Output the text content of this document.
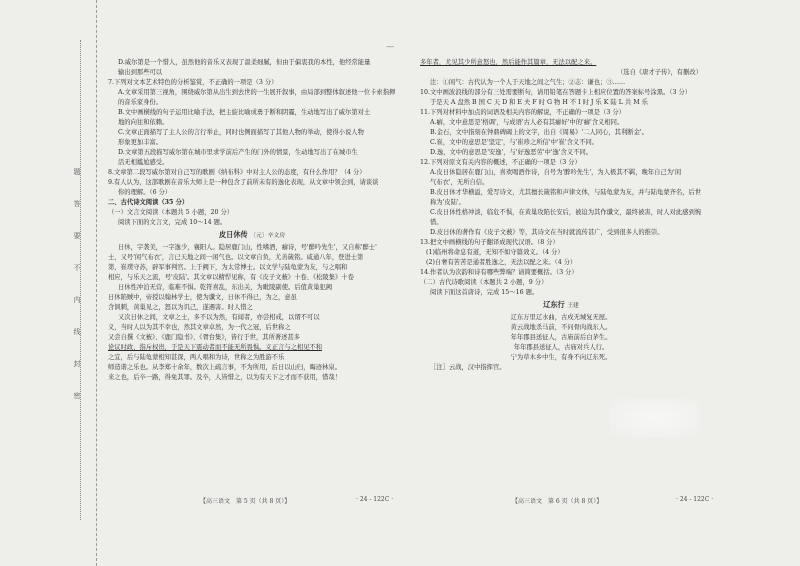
题
答
要
不
内
线
封
密
—
D.威尔第是一个惜人，虽然他的音乐又表现了温柔细腻，但由于偏衷我的本性，他经常能量
输出到那些可以
7.下列对文本艺术特色的分析鉴赏，不正确的一项是（3 分）
A.文章采用第三视角，围绕威尔第从出生到去世的一生展开叙事，由局部到整体叙述他一位卡索指揮
的音乐家身份。
B.文中画横线的句子运用比喻手法，把主旋比喻成勇于断和阴霾，生动地写出了威尔第对土
地的向往和依赖。
C.文章正面描写了主人公的言行举止，同时也侧面描写了其他人物的举动，使得小说人物
形象更加丰富。
D.文章第五段描写威尔第在城市里求学前后产生的门外的情景，生动地写出了在城市生
活无相尴尬感受。
8.文章第二段写威尔第对自己写的歌剧《纳布科》中对主人公的态度，有什么作用？（4 分）
9.有人认为，这部歌剧在音乐大师上是一种包含了前所未有的逸化表现，从文章中领会到，请谈谈
你的理解。（6 分）
二、古代诗文阅读（35 分）
（一）文言文阅读（本题共 5 小题，20 分）
阅读下面的文言文，完成 10～14 题。
皮日休传 〔元〕辛文房
日休，字袭美，一字逸少，襄阳人。隐居鹿门山，性嗜酒，癖诗，号'醉吟先生'，又自称'醉士'
士，又号'闲气布衣'，言已天地之间一闲气也。以文章自负，尤善箴铭。咸通八年，登进士第
第，崔璞守苏，辟军事判官。上于阙下，为太常博士。以文学与陆龟蒙为友，与之唱和
相应，与乐天之流，号'皮陆'。其文章以精悍见称，有《皮子文薮》十卷、《松陵集》十卷
日休性冲泊无营，临难不惧。乾符喜乱，东出关，为毗陵副使。后值黄巢犯阙
日休陷贼中，帝授以翰林学士，使为谶文，日休不得已，为之，意虽
含讽刺，黄巢见之，怒以为讥己，遂遇害。时人惜之
又次日休之间，文章之士，多不以为然，有闻者，亦尝相戒，以谓不可以
义，当时人以为其不幸也，然其文章卓然，为一代之冠，后世称之
又尝自撰《文薮》、《鹿门隐书》、《胥台集》，皆行于世，其所著述甚多
论议时政，指斥权贵，于是天下震动者而不能无所畏惧。义正言与之相见不和
之宜，后与陆龟蒙相知甚深，两人唱和为诗，世称之为胜游不乐
师造谐之乐也。从李郑十余年，数次上疏言事，不为所用，后日以山归，晦迹林泉。
来之也，后卒一路，得免其罪。及卒，人皆惜之，以为有天下之才而不获用，惜哉！
【高三语文　第 5 页（共 8 页）】	· 24 - 122C ·
多年者，尤见其少所意怒也，然后能作其篇章，无法以配之来。
（选自《唐才子传》，有删改）
注：①闲气：古代认为一个人于天地之间之气生；②志：谦也；③……
10.文中画波浪线的部分有三处需要断句，请用铅笔在答题卡上相应位置的答案标号涂黑。（3 分）
于是天 A 盘然 B 国 C 天 D 和 E 夫 F 时 G 物 H 不 I 时 J 乐 K 陆 L 共 M 乐
11.下列对材料中加点的词语及相关内容的解说，不正确的一项是（3 分）
A.癖，文中意思是'格调'，与成语'古人必有其癖好'中的'癖'含义相同。
B.金石，文中指刻在钟鼎碑碣上的文字，出自《周易》'二人同心，其利断金'。
C.崔，文中的意思是'坚定'，与'崔珍之所信'中'崔'含义不同。
D.逸，文中的意思是'安逸'，与'好逸恶劳'中'逸'含义不同。
12.下列对原文有关内容的概述，不正确的一项是（3 分）
A.皮日休隐居在鹿门山，喜欢喝酒作诗，自号为'醉吟先生'，为人极其不羁，晚年自己为'闲
气布衣'，无所自信。
B.皮日休才华横溢，爱写诗文，尤其擅长箴铭和声律文体，与陆龟蒙为友，并与陆龟蒙齐名，后世称为'皮陆'。
C.皮日休性格冲淡，临危不惧，在黄巢攻陷长安后，被迫为其作谶文，最终被害，时人对此感到惋惜。
D.皮日休的著作有《皮子文薮》等，其诗文在当时就流传甚广，受到很多人的推崇。
13.把文中画横线的句子翻译成现代汉语。（8 分）
(1)临州将命息有道，无知不如守篇效义。（4 分）
(2)自奢有苦苦是通者胜逸之，无法以配之来。（4 分）
14.作者认为次韵和诗有哪些弊端？请简要概括。（3 分）
（二）古代诗歌阅读（本题共 2 小题，9 分）
阅读下面这首唐诗，完成 15～16 题。
辽东行 王建
辽东万里辽水曲，古戍无城复无屋。
黄云战地杀马前，不问骨肉战东人。
年年郡县送征人，古庙前后白茅生。
年年郡县送征人，古庙对兵人行。
宁为草木乡中生，有身不向辽东死。
［注］云战，汉中指挥官。
【高三语文　第 6 页（共 8 页）】	· 24 - 122C ·
